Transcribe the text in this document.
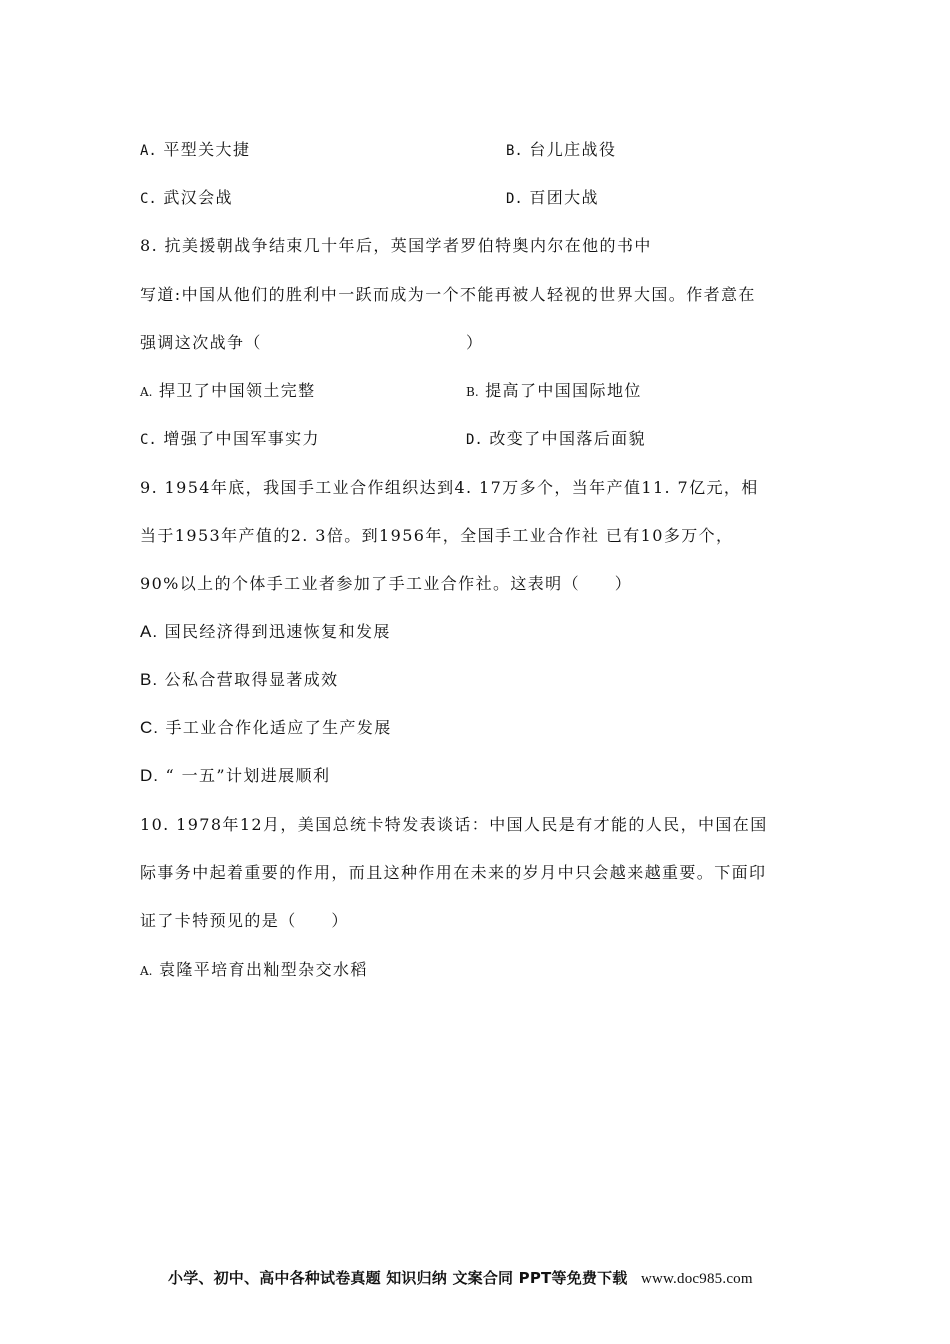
A. 平型关大捷	B. 台儿庄战役
C. 武汉会战	D. 百团大战
8. 抗美援朝战争结束几十年后，英国学者罗伯特奥内尔在他的书中
写道:中国从他们的胜利中一跃而成为一个不能再被人轻视的世界大国。作者意在
强调这次战争（	）
A. 捍卫了中国领土完整	B. 提高了中国国际地位
C. 增强了中国军事实力	D. 改变了中国落后面貌
9. 1954年底，我国手工业合作组织达到4. 17万多个，当年产值11. 7亿元，相
当于1953年产值的2. 3倍。到1956年，全国手工业合作社 已有10多万个，
90%以上的个体手工业者参加了手工业合作社。这表明（　　）
A. 国民经济得到迅速恢复和发展
B. 公私合营取得显著成效
C. 手工业合作化适应了生产发展
D. “ 一五”计划进展顺利
10. 1978年12月，美国总统卡特发表谈话：中国人民是有才能的人民，中国在国
际事务中起着重要的作用，而且这种作用在未来的岁月中只会越来越重要。下面印
证了卡特预见的是（　　）
A. 袁隆平培育出籼型杂交水稻
小学、初中、高中各种试卷真题 知识归纳 文案合同 PPT等免费下载 www.doc985.com
